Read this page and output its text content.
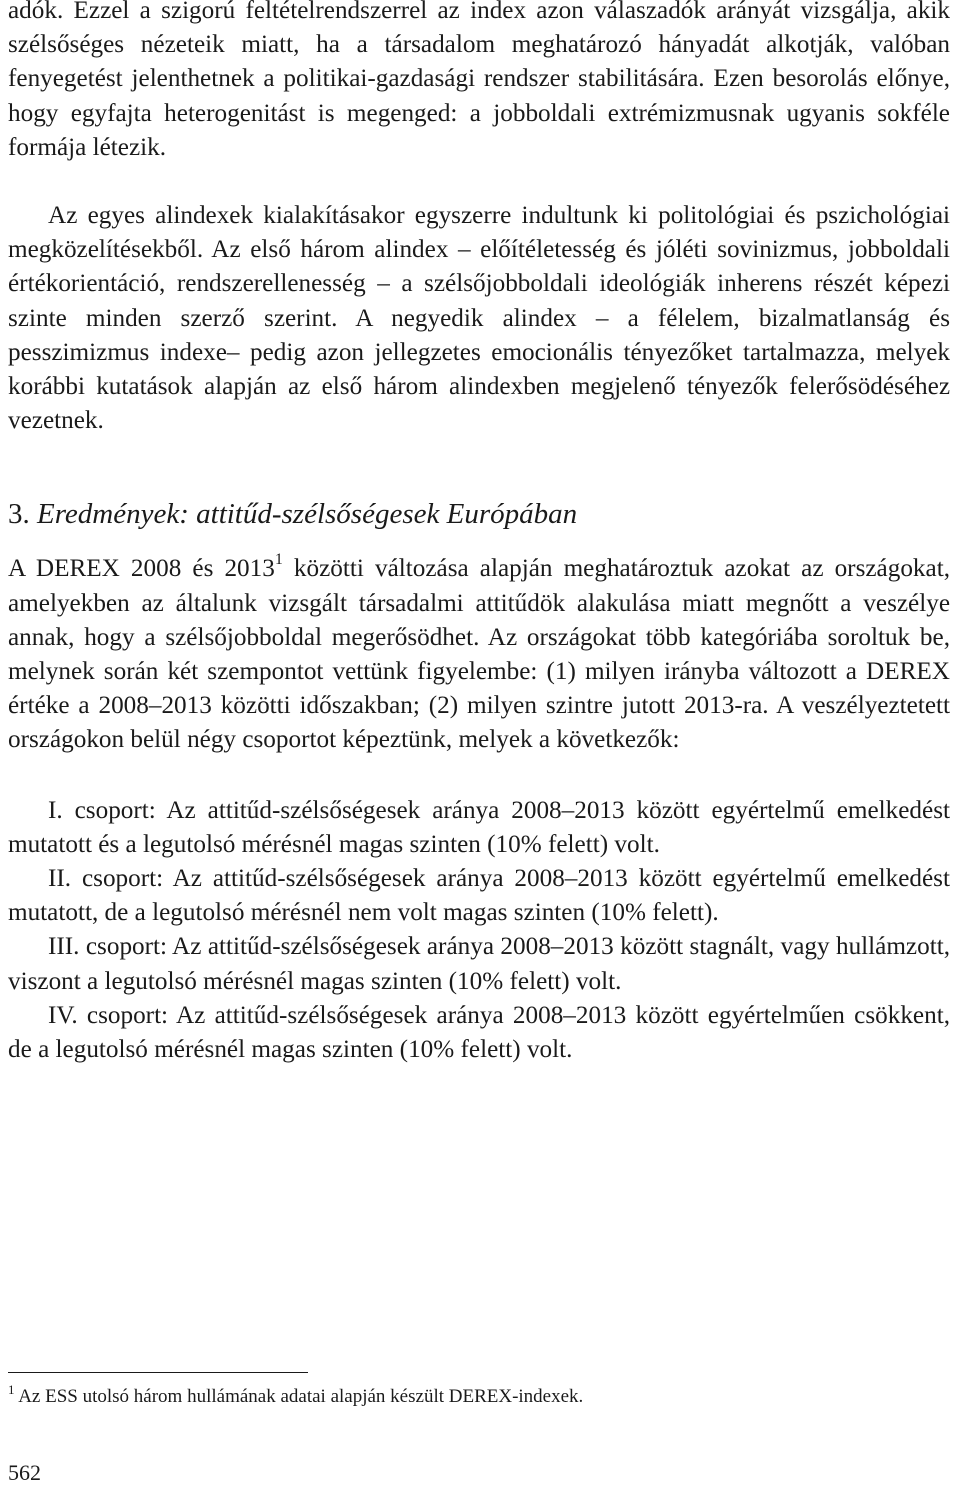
adók. Ezzel a szigorú feltételrendszerrel az index azon válaszadók arányát vizsgálja, akik szélsőséges nézeteik miatt, ha a társadalom meghatározó hányadát alkotják, valóban fenyegetést jelenthetnek a politikai-gazdasági rendszer stabilitására. Ezen besorolás előnye, hogy egyfajta heterogenitást is megenged: a jobboldali extrémizmusnak ugyanis sokféle formája létezik.

Az egyes alindexek kialakításakor egyszerre indultunk ki politológiai és pszichológiai megközelítésekből. Az első három alindex – előítéletesség és jóléti sovinizmus, jobboldali értékorientáció, rendszerellenesség – a szélsőjobboldali ideológiák inherens részét képezi szinte minden szerző szerint. A negyedik alindex – a félelem, bizalmatlanság és pesszimizmus indexe– pedig azon jellegzetes emocionális tényezőket tartalmazza, melyek korábbi kutatások alapján az első három alindexben megjelenő tényezők felerősödéséhez vezetnek.

3. Eredmények: attitűd-szélsőségesek Európában

A DEREX 2008 és 2013$^1$ közötti változása alapján meghatároztuk azokat az országokat, amelyekben az általunk vizsgált társadalmi attitűdök alakulása miatt megnőtt a veszélye annak, hogy a szélsőjobboldal megerősödhet. Az országokat több kategóriába soroltuk be, melynek során két szempontot vettünk figyelembe: (1) milyen irányba változott a DEREX értéke a 2008–2013 közötti időszakban; (2) milyen szintre jutott 2013-ra. A veszélyeztetett országokon belül négy csoportot képeztünk, melyek a következők:

I. csoport: Az attitűd-szélsőségesek aránya 2008–2013 között egyértelmű emelkedést mutatott és a legutolsó mérésnél magas szinten (10% felett) volt.

II. csoport: Az attitűd-szélsőségesek aránya 2008–2013 között egyértelmű emelkedést mutatott, de a legutolsó mérésnél nem volt magas szinten (10% felett).

III. csoport: Az attitűd-szélsőségesek aránya 2008–2013 között stagnált, vagy hullámzott, viszont a legutolsó mérésnél magas szinten (10% felett) volt.

IV. csoport: Az attitűd-szélsőségesek aránya 2008–2013 között egyértelműen csökkent, de a legutolsó mérésnél magas szinten (10% felett) volt.

$^1$ Az ESS utolsó három hullámának adatai alapján készült DEREX-indexek.
562
